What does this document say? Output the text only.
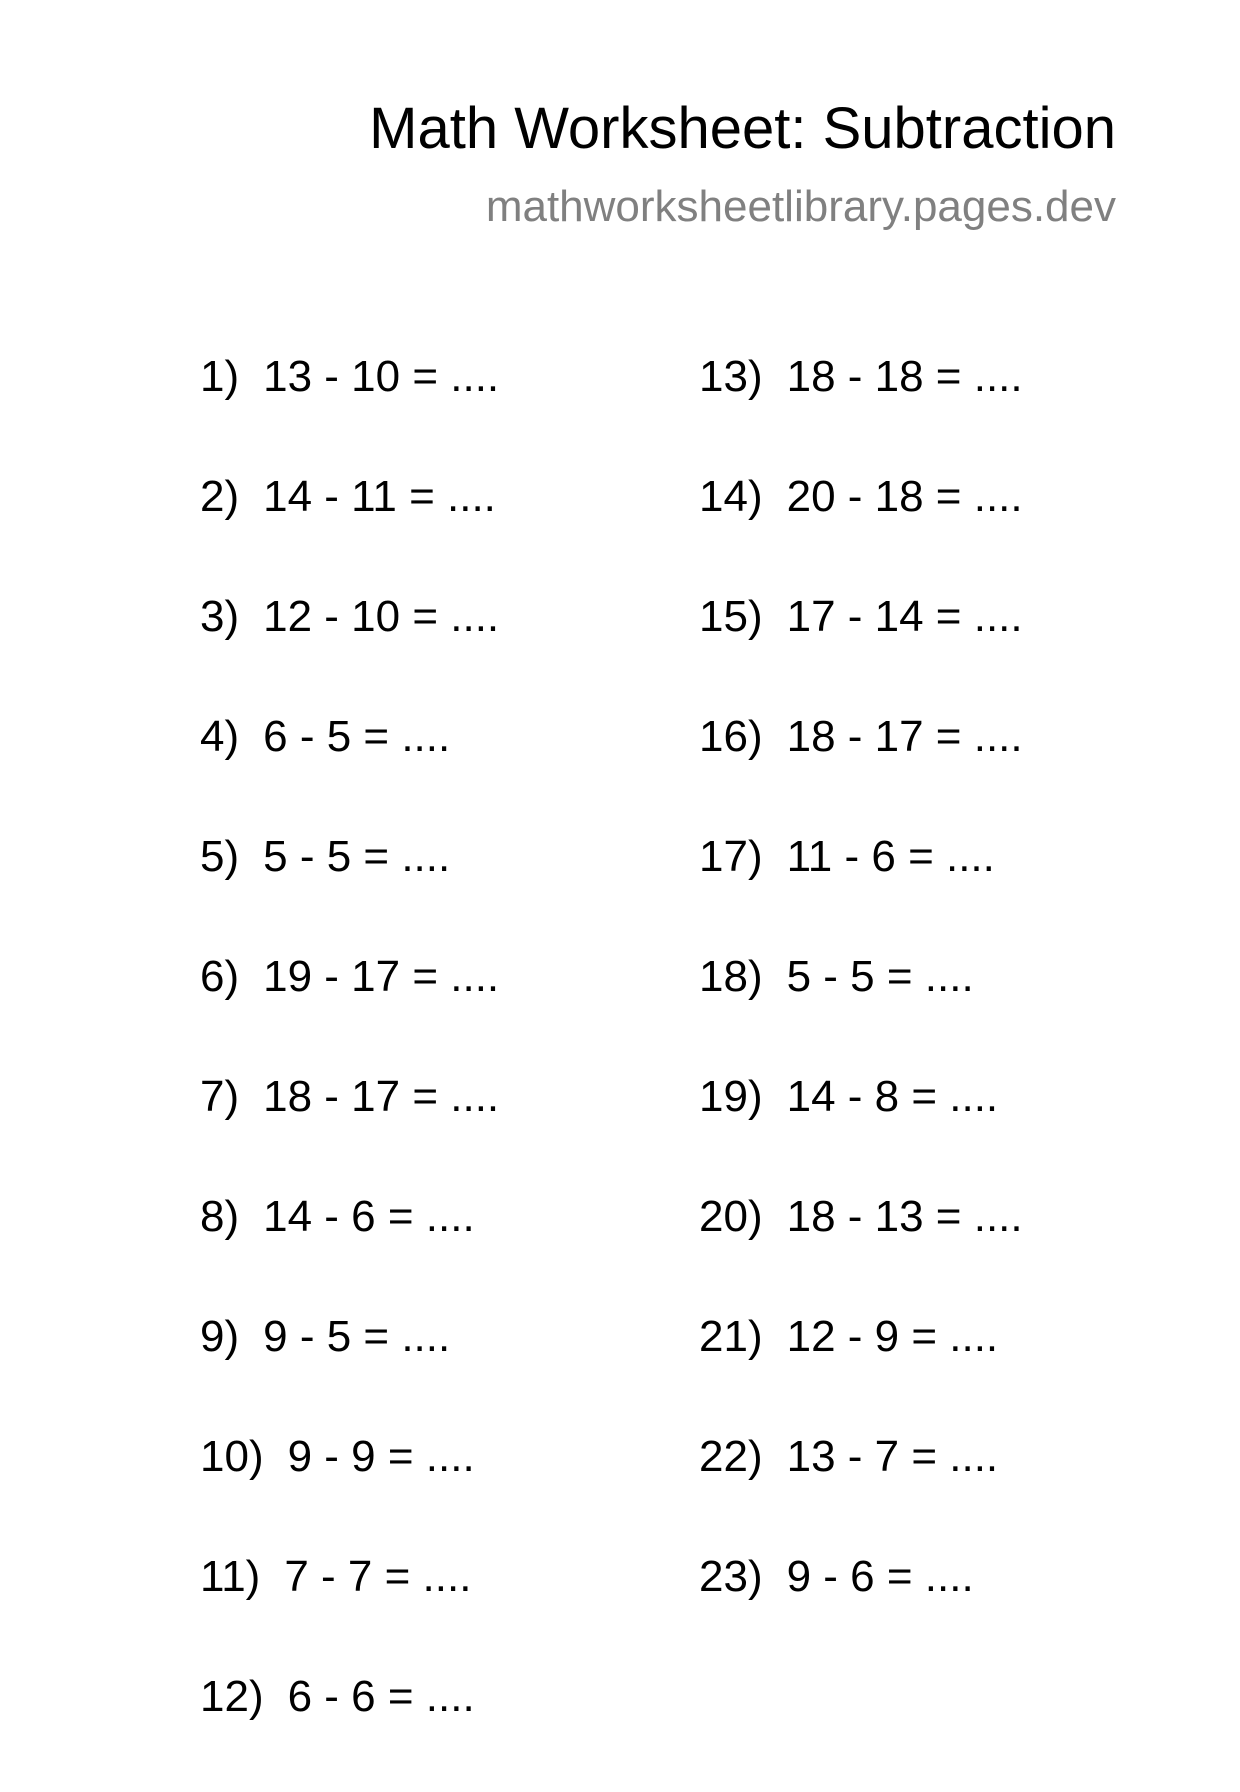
Math Worksheet: Subtraction
mathworksheetlibrary.pages.dev
1) 13 - 10 = ....
2) 14 - 11 = ....
3) 12 - 10 = ....
4) 6 - 5 = ....
5) 5 - 5 = ....
6) 19 - 17 = ....
7) 18 - 17 = ....
8) 14 - 6 = ....
9) 9 - 5 = ....
10) 9 - 9 = ....
11) 7 - 7 = ....
12) 6 - 6 = ....
13) 18 - 18 = ....
14) 20 - 18 = ....
15) 17 - 14 = ....
16) 18 - 17 = ....
17) 11 - 6 = ....
18) 5 - 5 = ....
19) 14 - 8 = ....
20) 18 - 13 = ....
21) 12 - 9 = ....
22) 13 - 7 = ....
23) 9 - 6 = ....
